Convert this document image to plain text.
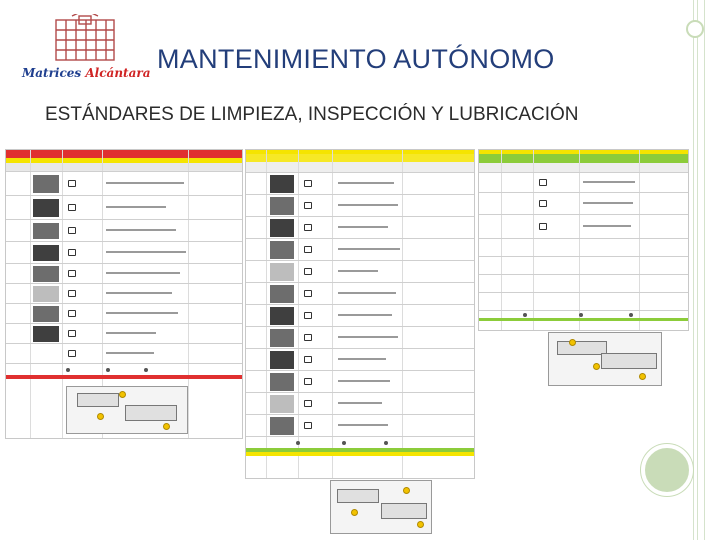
Matrices Alcántara MANTENIMIENTO AUTÓNOMO
ESTÁNDARES DE LIMPIEZA, INSPECCIÓN Y LUBRICACIÓN
